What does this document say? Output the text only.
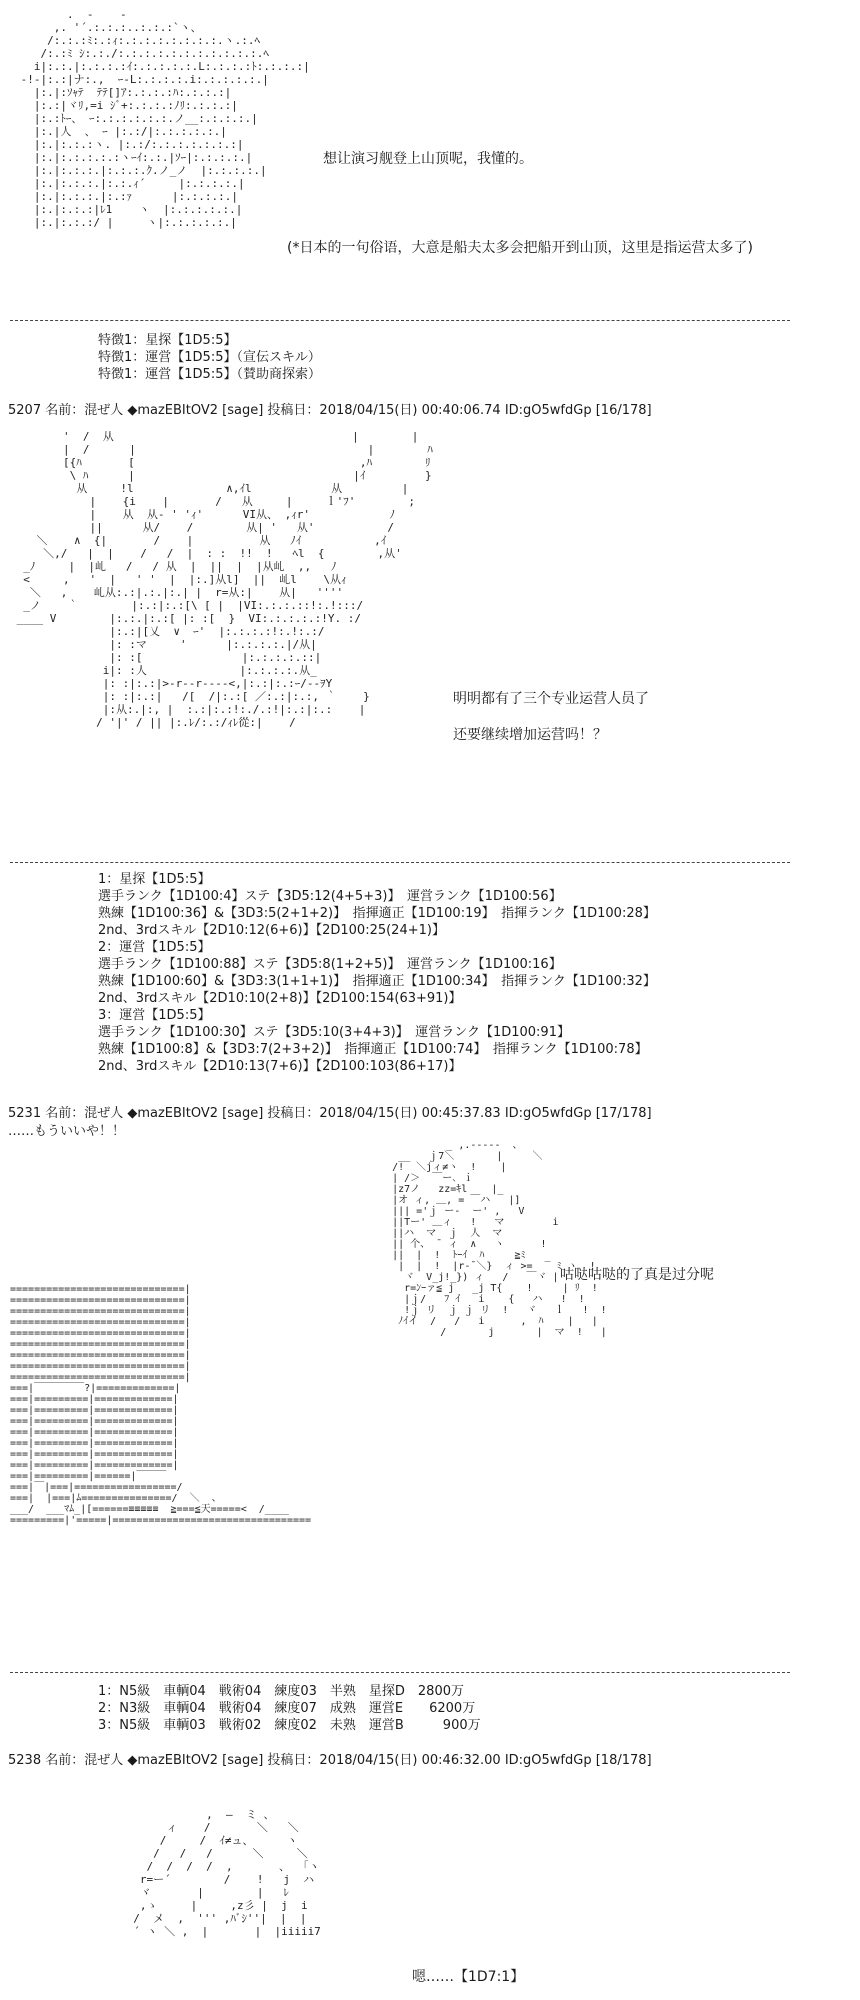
.  -    -
,. '´.:.:.:..:.:.:`ヽ、
/:.:.:ﾐ:.:ｨ:.:.:.:.:.:.:.:.ヽ.:.ﾍ
/:.:ﾐ ｼ:.:./:.:.:.:.:.:.:.:.:.:.:.ﾍ
i|:.:.|:.:.:.:ｲ:.:.:.:.:.L:.:.:.:ﾄ:.:.:.:|
-!-|:.:|ナ:.,  ｰ-L:.:.:.:.i:.:.:.:.:.|
|:.|:ｿｬﾃ  ﾃﾃ[]ｱ:.:.:.:ﾊ:.:.:.:|
|:.:|ヾﾘ,=i ｼﾞ+:.:.:.:ﾉﾘ:.:.:.:|
|:.:ﾄｰ、 ｰ:.:.:.:.:.:.ノ__:.:.:.:.|
|:.|人  、 ｰ |:.:/|:.:.:.:.:.|
|:.|:.:.:ヽ. |:.:/:.:.:.:.:.:.:|
|:.|:.:.:.:.:ヽｰｲ:.:.|ｿｰ|:.:.:.:.|
|:.|:.:.:.|:.:.:.ｸ.ノ_ノ  |:.:.:.:.|
|:.|:.:.:.|:.:.ｨ´     |:.:.:.:.|
|:.|:.:.:.|:.:ｧ      |:.:.:.:.|
|:.|:.:.:|ﾚ1    ヽ  |:.:.:.:.:.|
|:.|:.:.:/ |     ヽ|:.:.:.:.:.|
想让演习舰登上山顶呢，我懂的。
(*日本的一句俗语，大意是船夫太多会把船开到山顶，这里是指运营太多了)
特徴1：星探【1D5:5】
特徴1：運営【1D5:5】（宣伝スキル）
特徴1：運営【1D5:5】（賛助商探索）
5207 名前：混ぜ人 ◆mazEBItOV2 [sage] 投稿日：2018/04/15(日) 00:40:06.74 ID:gO5wfdGp [16/178]
'  /  从                                    |        |
|  /      |                                   |        ﾊ
[{ﾊ       [                                  ,ﾊ        ﾘ
\ ﾊ      |                                 |ｲ         }
从     !l              ∧,ｲl            从         |
|    {i    |       /   从     |     ｌ'ﾌ'        ;
|    从  从- ' 'ｨ'      VI从、 ,ｨr'            ﾉ
||      从/    /        从| '   从'           /
＼    ∧  {|       /    |          从   ﾉｲ           ,ｲ
＼,/   |  |    /   /  |  : :  !!  !   ﾍl  {        ,从'
_ﾉ     |  |乢   /   / 从  |  ||  |  |从乢  ,,   ﾉ
<     ,   '  |   ' '  |  |:.]从l]  ||  乢l    \从ｨ
＼   ,    乢从:.:|.:.|:.| |  r=从:|    从|   ''''
_ノ    ｀        |:.:|:.:[\ [ |  |VI:.:.:.::!:.!:::/
____ V        |:.:.|:.:[ |: :[  }  VI:.:.:.:.:!Y. :/
|:.:|[乂  ∨  ｰ'  |:.:.:.:!:.!:.:/
|: :マ     '      |:.:.:.:.|/从|
|: :[               |:.:.:.:.::|
i|: :人              |:.:.:.:.从_
|: :|:.:|>-r--r----<,|:.:|:.:ｰ/--ｦY
|: :|:.:|   /[  /|:.:[ ／:.:|:.:, ｀    }
|:从:.|:, |  :.:|:.:!:./.:!|:.:|:.:    |
/ '|' / || |:.ﾚ/:.:/ｨﾚ從:|    /
明明都有了三个专业运营人员了
还要继续增加运营吗！？
1：星探【1D5:5】
選手ランク【1D100:4】ステ【3D5:12(4+5+3)】　運営ランク【1D100:56】
熟練【1D100:36】&【3D3:5(2+1+2)】　指揮適正【1D100:19】　指揮ランク【1D100:28】
2nd、3rdスキル【2D10:12(6+6)】【2D100:25(24+1)】
2：運営【1D5:5】
選手ランク【1D100:88】ステ【3D5:8(1+2+5)】　運営ランク【1D100:16】
熟練【1D100:60】&【3D3:3(1+1+1)】　指揮適正【1D100:34】　指揮ランク【1D100:32】
2nd、3rdスキル【2D10:10(2+8)】【2D100:154(63+91)】
3：運営【1D5:5】
選手ランク【1D100:30】ステ【3D5:10(3+4+3)】　運営ランク【1D100:91】
熟練【1D100:8】&【3D3:7(2+3+2)】　指揮適正【1D100:74】　指揮ランク【1D100:78】
2nd、3rdスキル【2D10:13(7+6)】【2D100:103(86+17)】
5231 名前：混ぜ人 ◆mazEBItOV2 [sage] 投稿日：2018/04/15(日) 00:45:37.83 ID:gO5wfdGp [17/178]
……もういいや！！
_ ,.-‐‐‐‐  、
__   ｊ7＼       |     ＼
/!  ＼jィ≠ヽ  !    |
| /＞  ￣ー､ ｉ
|z7ノ   zz=ｷl    |_
|オ ィ, ＿, = ￣ハ   |]
||| ='ｊ ー‐  ー' ,   V
||Tー' ＿ィ   !   マ        i
||ハ  マ  ｊ  人  マ
|| 个、 ¯ ィ  ∧   ヽ      !
||  |  !  ﾄｰｲ  ﾊ     ≧ﾐ
|  |  !  |r‐¯＼}  ィ >=  ‾ ﾐ ヽ  !
ヾ  V_j!_}) ィ   /   ￣ヾ |
r=ﾝｰァ≦ j   _j T{    !     | ﾘ  !
|ｊ/   ﾌ ｲ   i    {   ハ   !  !
!ｊ リ  ｊ ｊ リ  !   ヾ   ｌ   !  !
ﾉｲイ  /   /   i      ,  ﾊ    |   |
/       j       |  マ  !   |
咕哒咕哒的了真是过分呢
=============================|
=============================|
=============================|
=============================|
=============================|
=============================|
=============================|
=============================|
=============================|
===|￣￣￣￣￣?|=============|
===|=========|=============|
===|=========|=============|
===|=========|=============|
===|=========|=============|
===|=========|=============|
===|=========|=============|
===|=========|=============|
===|=========|======|￣￣￣
===|￣|===|=================/
===|  |===|ﾑ===============/  ＼  、
___/  ___ﾏﾑ_|[======≡≡≡≡≡  ≧===≦天=====<  /____
=========|'=====|=================================
1：N5級　車輌04　戦術04　練度03　半熟　星探D　2800万
2：N3級　車輌04　戦術04　練度07　成熟　運営E　　6200万
3：N5級　車輌03　戦術02　練度02　未熟　運営B　　　900万
5238 名前：混ぜ人 ◆mazEBItOV2 [sage] 投稿日：2018/04/15(日) 00:46:32.00 ID:gO5wfdGp [18/178]
,  ―  ミ 、
ィ    /       ＼   ＼
/     /  ｲ≠ュ、     ヽ
/   /   /      ＼     ＼
/  /  /  /  ,       、  ｢ヽ
r=ー´        /    !   j  ハ
ヾ       |        |   ﾚ
,ゝ     |     ,z彡 |  j  i
/  メ  ,  ''' ,ﾊﾞｼ''|  |  |
´ ヽ ＼ ,  |       |  |iiiii7
嗯……【1D7:1】
